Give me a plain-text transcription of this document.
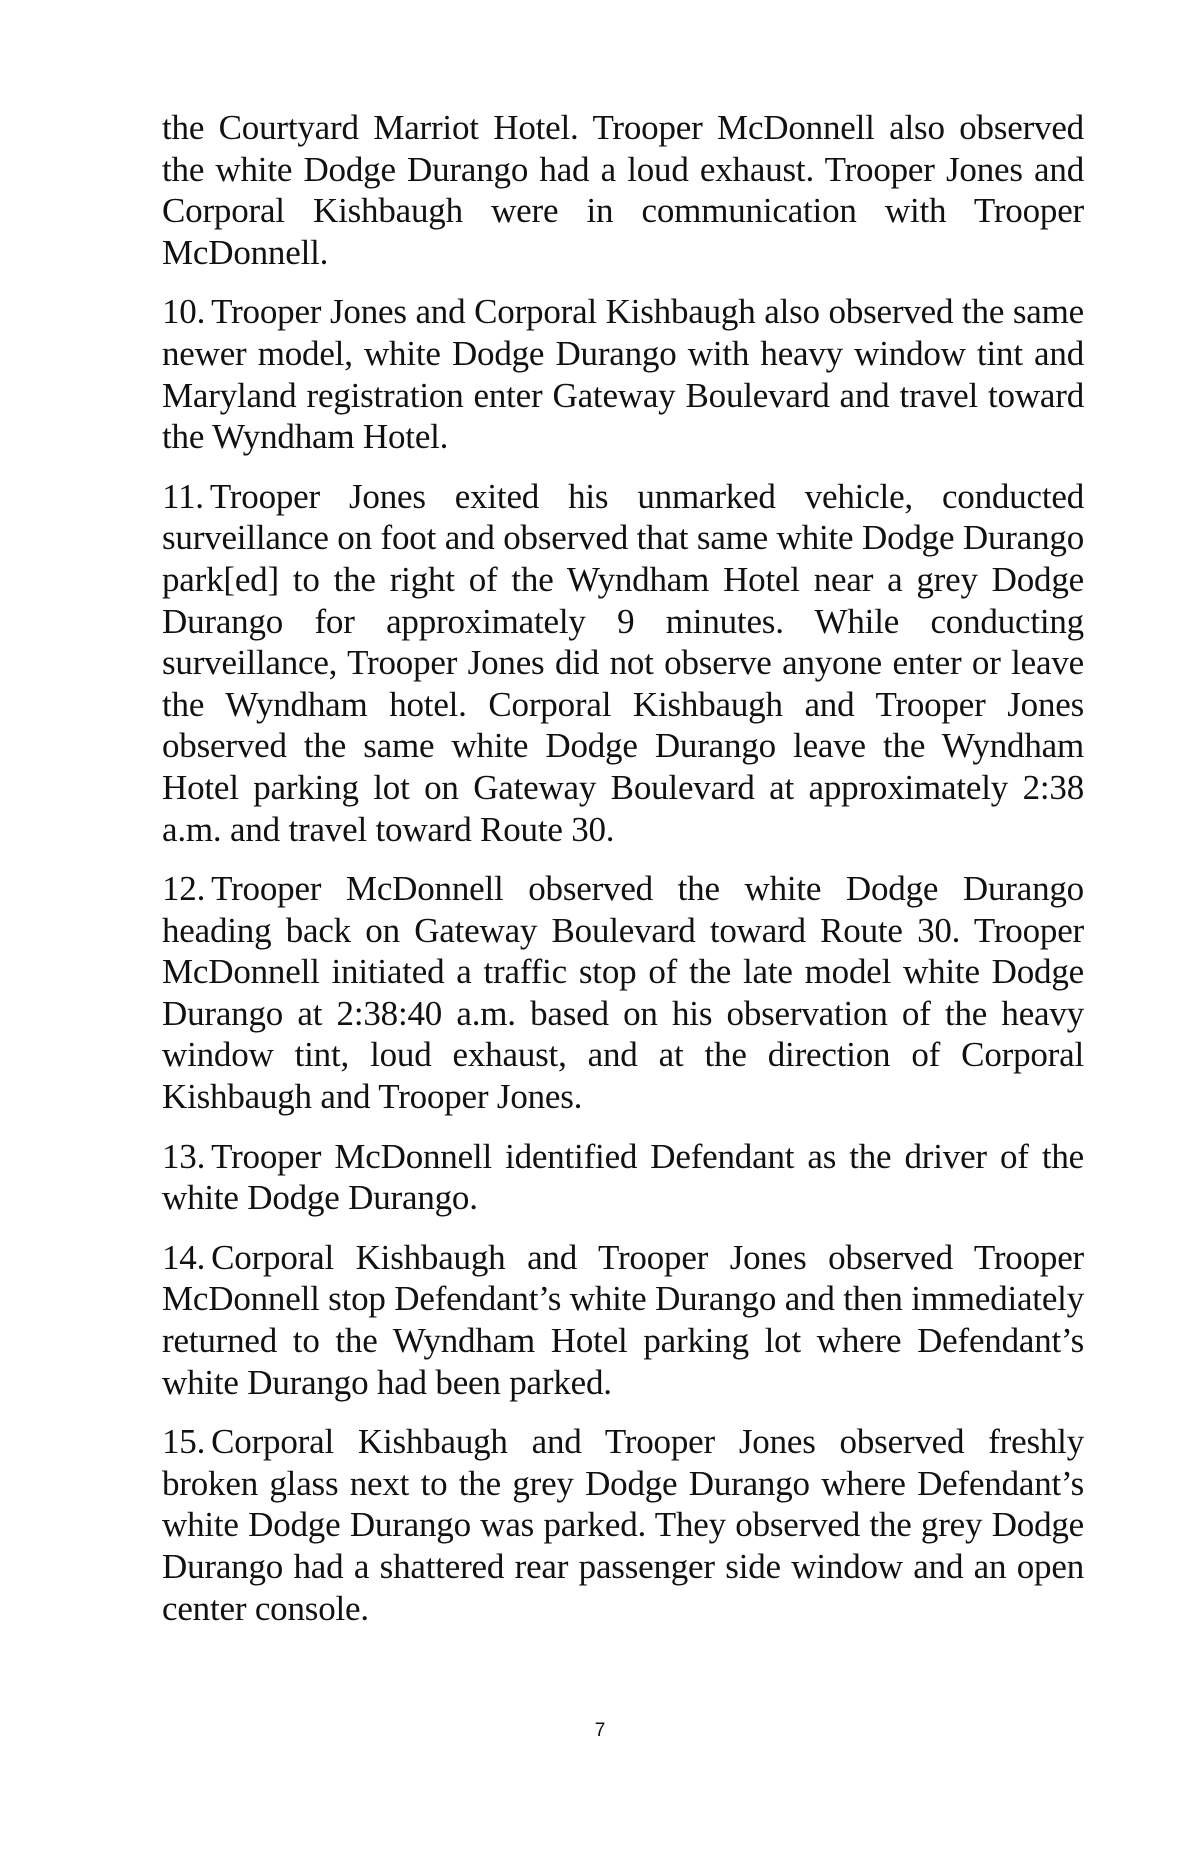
the Courtyard Marriot Hotel. Trooper McDonnell also observed the white Dodge Durango had a loud exhaust. Trooper Jones and Corporal Kishbaugh were in communication with Trooper McDonnell.

10. Trooper Jones and Corporal Kishbaugh also observed the same newer model, white Dodge Durango with heavy window tint and Maryland registration enter Gateway Boulevard and travel toward the Wyndham Hotel.

11. Trooper Jones exited his unmarked vehicle, conducted surveillance on foot and observed that same white Dodge Durango park[ed] to the right of the Wyndham Hotel near a grey Dodge Durango for approximately 9 minutes. While conducting surveillance, Trooper Jones did not observe anyone enter or leave the Wyndham hotel. Corporal Kishbaugh and Trooper Jones observed the same white Dodge Durango leave the Wyndham Hotel parking lot on Gateway Boulevard at approximately 2:38 a.m. and travel toward Route 30.

12. Trooper McDonnell observed the white Dodge Durango heading back on Gateway Boulevard toward Route 30. Trooper McDonnell initiated a traffic stop of the late model white Dodge Durango at 2:38:40 a.m. based on his observation of the heavy window tint, loud exhaust, and at the direction of Corporal Kishbaugh and Trooper Jones.

13. Trooper McDonnell identified Defendant as the driver of the white Dodge Durango.

14. Corporal Kishbaugh and Trooper Jones observed Trooper McDonnell stop Defendant’s white Durango and then immediately returned to the Wyndham Hotel parking lot where Defendant’s white Durango had been parked.

15. Corporal Kishbaugh and Trooper Jones observed freshly broken glass next to the grey Dodge Durango where Defendant’s white Dodge Durango was parked. They observed the grey Dodge Durango had a shattered rear passenger side window and an open center console.

7
